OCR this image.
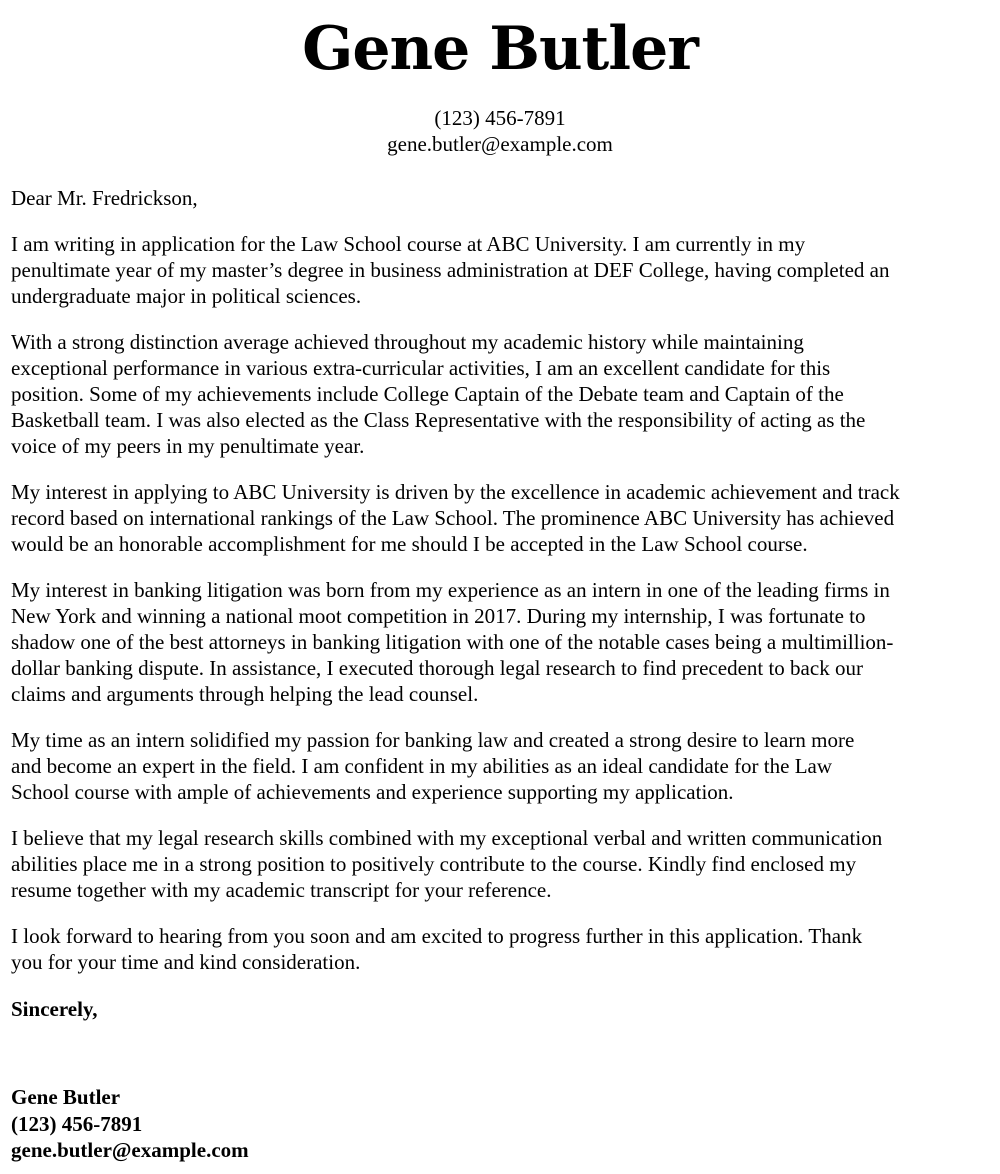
Gene Butler
(123) 456-7891
gene.butler@example.com

Dear Mr. Fredrickson,

I am writing in application for the Law School course at ABC University. I am currently in my
penultimate year of my master’s degree in business administration at DEF College, having completed an
undergraduate major in political sciences.

With a strong distinction average achieved throughout my academic history while maintaining
exceptional performance in various extra-curricular activities, I am an excellent candidate for this
position. Some of my achievements include College Captain of the Debate team and Captain of the
Basketball team. I was also elected as the Class Representative with the responsibility of acting as the
voice of my peers in my penultimate year.

My interest in applying to ABC University is driven by the excellence in academic achievement and track
record based on international rankings of the Law School. The prominence ABC University has achieved
would be an honorable accomplishment for me should I be accepted in the Law School course.

My interest in banking litigation was born from my experience as an intern in one of the leading firms in
New York and winning a national moot competition in 2017. During my internship, I was fortunate to
shadow one of the best attorneys in banking litigation with one of the notable cases being a multimillion-
dollar banking dispute. In assistance, I executed thorough legal research to find precedent to back our
claims and arguments through helping the lead counsel.

My time as an intern solidified my passion for banking law and created a strong desire to learn more
and become an expert in the field. I am confident in my abilities as an ideal candidate for the Law
School course with ample of achievements and experience supporting my application.

I believe that my legal research skills combined with my exceptional verbal and written communication
abilities place me in a strong position to positively contribute to the course. Kindly find enclosed my
resume together with my academic transcript for your reference.

I look forward to hearing from you soon and am excited to progress further in this application. Thank
you for your time and kind consideration.

Sincerely,

Gene Butler
(123) 456-7891
gene.butler@example.com
